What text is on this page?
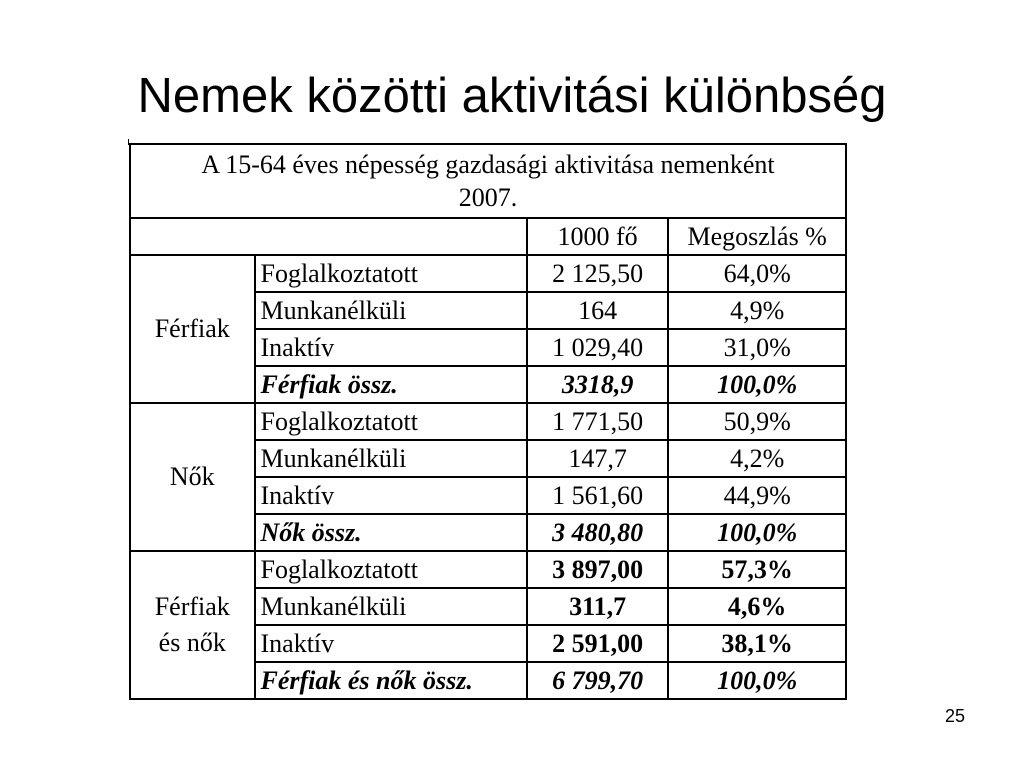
Nemek közötti aktivitási különbség
A 15-64 éves népesség gazdasági aktivitása nemenként
2007.			

		1000 fő	Megoszlás %
Férfiak	Foglalkoztatott	2 125,50	64,0%
	Munkanélküli	164	4,9%
	Inaktív	1 029,40	31,0%
	Férfiak össz.	3318,9	100,0%
Nők	Foglalkoztatott	1 771,50	50,9%
	Munkanélküli	147,7	4,2%
	Inaktív	1 561,60	44,9%
	Nők össz.	3 480,80	100,0%
Férfiak
és nők	Foglalkoztatott	3 897,00	57,3%
	Munkanélküli	311,7	4,6%
	Inaktív	2 591,00	38,1%
	Férfiak és nők össz.	6 799,70	100,0%
25
